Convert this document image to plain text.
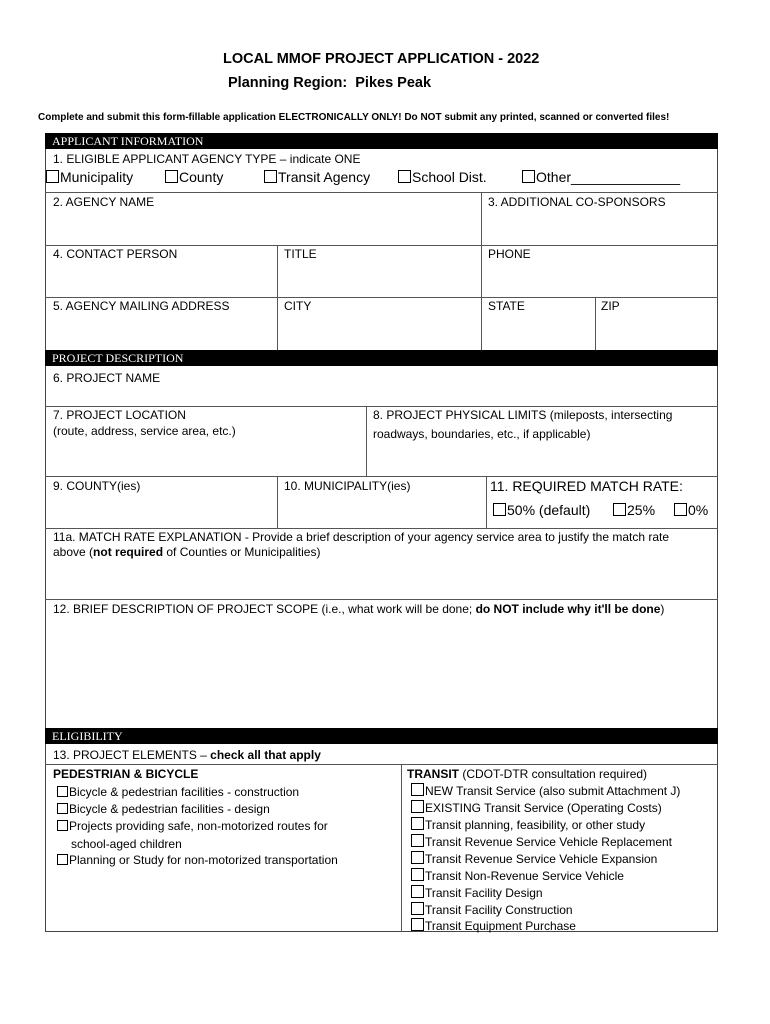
LOCAL MMOF PROJECT APPLICATION - 2022
Planning Region: Pikes Peak
Complete and submit this form-fillable application ELECTRONICALLY ONLY! Do NOT submit any printed, scanned or converted files!
APPLICANT INFORMATION
1. ELIGIBLE APPLICANT AGENCY TYPE – indicate ONE
Municipality	County	Transit Agency	School Dist.	Other______________
2. AGENCY NAME	3. ADDITIONAL CO-SPONSORS
4. CONTACT PERSON	TITLE	PHONE
5. AGENCY MAILING ADDRESS	CITY	STATE	ZIP
PROJECT DESCRIPTION
6. PROJECT NAME
7. PROJECT LOCATION
(route, address, service area, etc.)
8. PROJECT PHYSICAL LIMITS (mileposts, intersecting
roadways, boundaries, etc., if applicable)
9. COUNTY(ies)	10. MUNICIPALITY(ies)	11. REQUIRED MATCH RATE:
50% (default)	25%	0%
11a. MATCH RATE EXPLANATION - Provide a brief description of your agency service area to justify the match rate
above (not required of Counties or Municipalities)
12. BRIEF DESCRIPTION OF PROJECT SCOPE (i.e., what work will be done; do NOT include why it'll be done)
ELIGIBILITY
13. PROJECT ELEMENTS – check all that apply
PEDESTRIAN & BICYCLE
Bicycle & pedestrian facilities - construction
Bicycle & pedestrian facilities - design
Projects providing safe, non-motorized routes for
school-aged children
Planning or Study for non-motorized transportation
TRANSIT (CDOT-DTR consultation required)
NEW Transit Service (also submit Attachment J)
EXISTING Transit Service (Operating Costs)
Transit planning, feasibility, or other study
Transit Revenue Service Vehicle Replacement
Transit Revenue Service Vehicle Expansion
Transit Non-Revenue Service Vehicle
Transit Facility Design
Transit Facility Construction
Transit Equipment Purchase
